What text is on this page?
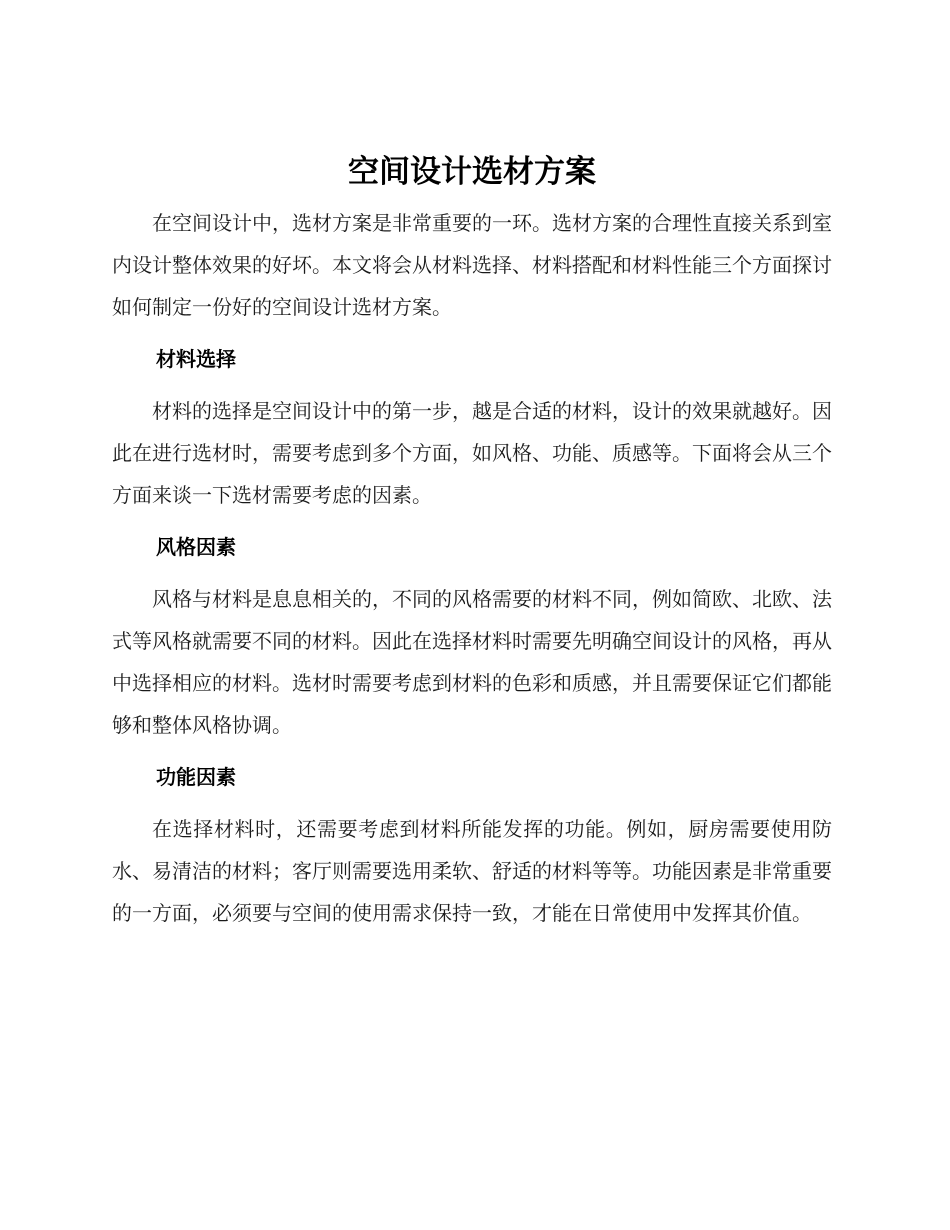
空间设计选材方案

在空间设计中，选材方案是非常重要的一环。选材方案的合理性直接关系到室内设计整体效果的好坏。本文将会从材料选择、材料搭配和材料性能三个方面探讨如何制定一份好的空间设计选材方案。

材料选择

材料的选择是空间设计中的第一步，越是合适的材料，设计的效果就越好。因此在进行选材时，需要考虑到多个方面，如风格、功能、质感等。下面将会从三个方面来谈一下选材需要考虑的因素。

风格因素

风格与材料是息息相关的，不同的风格需要的材料不同，例如简欧、北欧、法式等风格就需要不同的材料。因此在选择材料时需要先明确空间设计的风格，再从中选择相应的材料。选材时需要考虑到材料的色彩和质感，并且需要保证它们都能够和整体风格协调。

功能因素

在选择材料时，还需要考虑到材料所能发挥的功能。例如，厨房需要使用防水、易清洁的材料；客厅则需要选用柔软、舒适的材料等等。功能因素是非常重要的一方面，必须要与空间的使用需求保持一致，才能在日常使用中发挥其价值。
